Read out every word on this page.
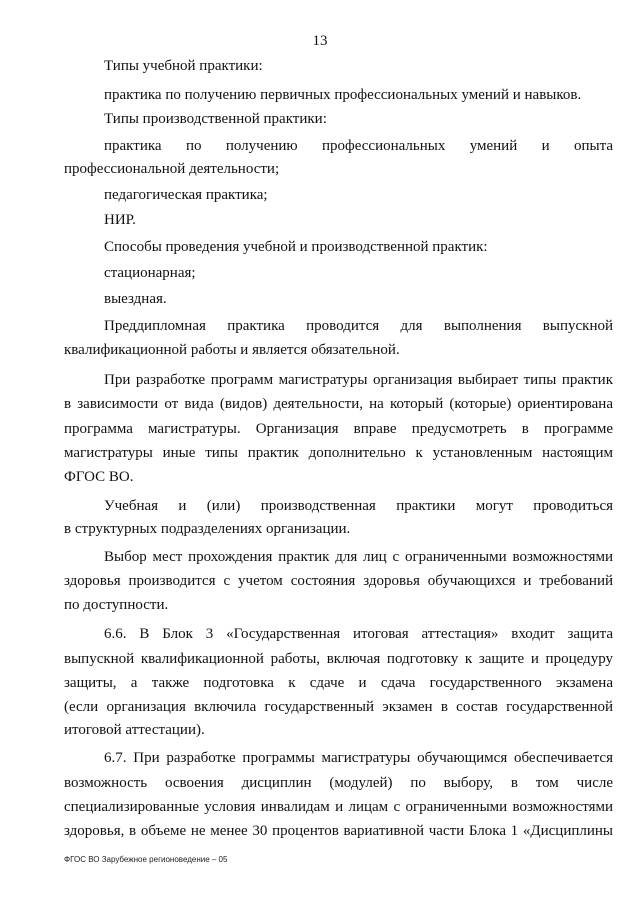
13
Типы учебной практики:
практика по получению первичных профессиональных умений и навыков.
Типы производственной практики:
практика по получению профессиональных умений и опыта
профессиональной деятельности;
педагогическая практика;
НИР.
Способы проведения учебной и производственной практик:
стационарная;
выездная.
Преддипломная практика проводится для выполнения выпускной
квалификационной работы и является обязательной.
При разработке программ магистратуры организация выбирает типы практик
в зависимости от вида (видов) деятельности, на который (которые) ориентирована
программа магистратуры. Организация вправе предусмотреть в программе
магистратуры иные типы практик дополнительно к установленным настоящим
ФГОС ВО.
Учебная и (или) производственная практики могут проводиться
в структурных подразделениях организации.
Выбор мест прохождения практик для лиц с ограниченными возможностями
здоровья производится с учетом состояния здоровья обучающихся и требований
по доступности.
6.6. В Блок 3 «Государственная итоговая аттестация» входит защита
выпускной квалификационной работы, включая подготовку к защите и процедуру
защиты, а также подготовка к сдаче и сдача государственного экзамена
(если организация включила государственный экзамен в состав государственной
итоговой аттестации).
6.7. При разработке программы магистратуры обучающимся обеспечивается
возможность освоения дисциплин (модулей) по выбору, в том числе
специализированные условия инвалидам и лицам с ограниченными возможностями
здоровья, в объеме не менее 30 процентов вариативной части Блока 1 «Дисциплины
ФГОС ВО Зарубежное регионоведение – 05
